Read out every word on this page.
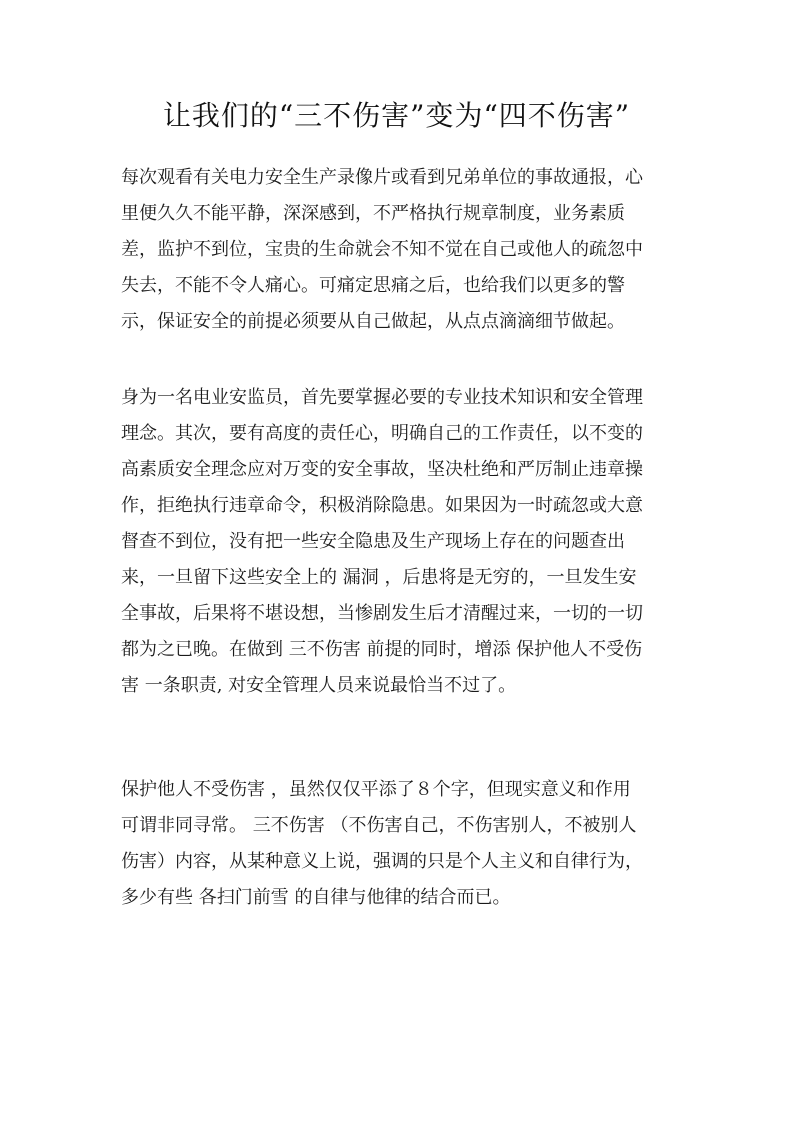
让我们的“三不伤害”变为“四不伤害”
每次观看有关电力安全生产录像片或看到兄弟单位的事故通报，心
里便久久不能平静，深深感到，不严格执行规章制度，业务素质
差，监护不到位，宝贵的生命就会不知不觉在自己或他人的疏忽中
失去，不能不令人痛心。可痛定思痛之后，也给我们以更多的警
示，保证安全的前提必须要从自己做起，从点点滴滴细节做起。
身为一名电业安监员，首先要掌握必要的专业技术知识和安全管理
理念。其次，要有高度的责任心，明确自己的工作责任，以不变的
高素质安全理念应对万变的安全事故，坚决杜绝和严厉制止违章操
作，拒绝执行违章命令，积极消除隐患。如果因为一时疏忽或大意
督查不到位，没有把一些安全隐患及生产现场上存在的问题查出
来，一旦留下这些安全上的 漏洞 ，后患将是无穷的，一旦发生安
全事故，后果将不堪设想，当惨剧发生后才清醒过来，一切的一切
都为之已晚。在做到 三不伤害 前提的同时，增添 保护他人不受伤
害 一条职责, 对安全管理人员来说最恰当不过了。
保护他人不受伤害 ，虽然仅仅平添了８个字，但现实意义和作用
可谓非同寻常。 三不伤害 （不伤害自己，不伤害别人，不被别人
伤害）内容，从某种意义上说，强调的只是个人主义和自律行为，
多少有些 各扫门前雪 的自律与他律的结合而已。
